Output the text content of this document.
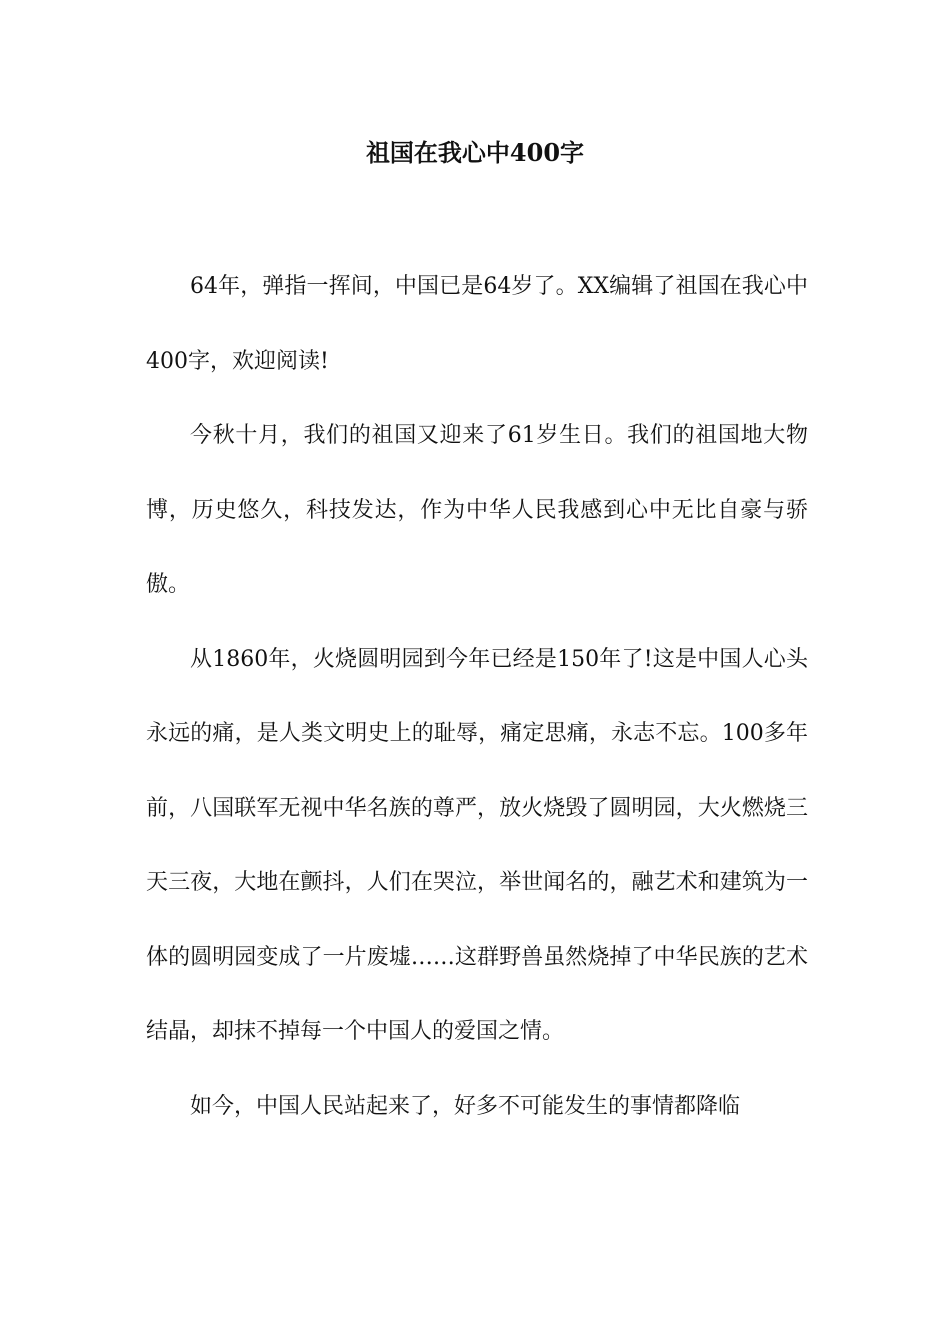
祖国在我心中400字

64年，弹指一挥间，中国已是64岁了。XX编辑了祖国在我心中400字，欢迎阅读!

今秋十月，我们的祖国又迎来了61岁生日。我们的祖国地大物博，历史悠久，科技发达，作为中华人民我感到心中无比自豪与骄傲。

从1860年，火烧圆明园到今年已经是150年了!这是中国人心头永远的痛，是人类文明史上的耻辱，痛定思痛，永志不忘。100多年前，八国联军无视中华名族的尊严，放火烧毁了圆明园，大火燃烧三天三夜，大地在颤抖，人们在哭泣，举世闻名的，融艺术和建筑为一体的圆明园变成了一片废墟……这群野兽虽然烧掉了中华民族的艺术结晶，却抹不掉每一个中国人的爱国之情。

如今，中国人民站起来了，好多不可能发生的事情都降临
